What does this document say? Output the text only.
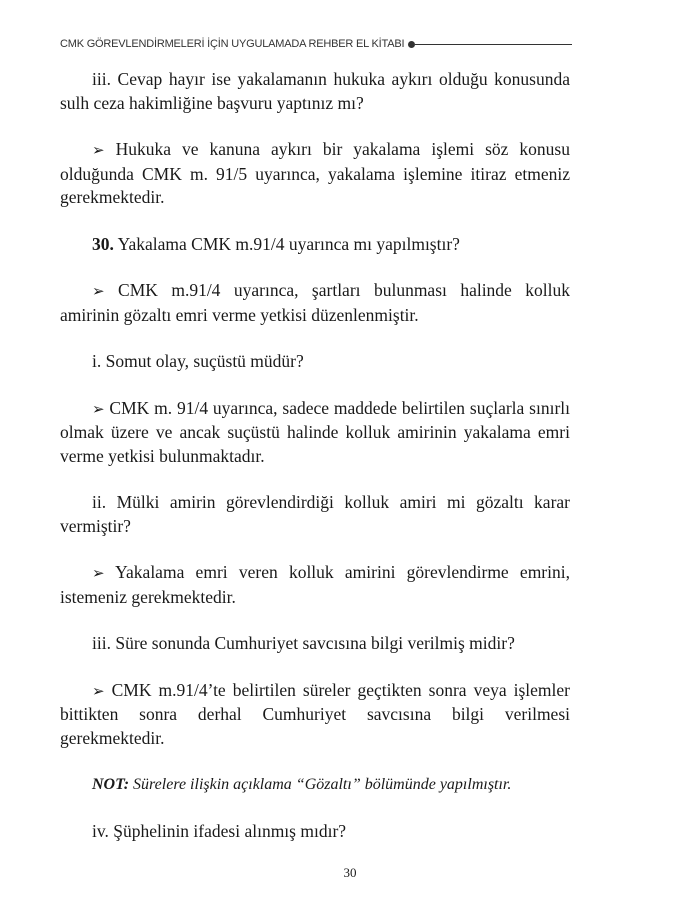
CMK GÖREVLENDİRMELERİ İÇİN UYGULAMADA REHBER EL KİTABI

iii. Cevap hayır ise yakalamanın hukuka aykırı olduğu konusunda sulh ceza hakimliğine başvuru yaptınız mı?

➢ Hukuka ve kanuna aykırı bir yakalama işlemi söz konusu olduğunda CMK m. 91/5 uyarınca, yakalama işlemine itiraz etmeniz gerekmektedir.

30. Yakalama CMK m.91/4 uyarınca mı yapılmıştır?

➢ CMK m.91/4 uyarınca, şartları bulunması halinde kolluk amirinin gözaltı emri verme yetkisi düzenlenmiştir.

i. Somut olay, suçüstü müdür?

➢ CMK m. 91/4 uyarınca, sadece maddede belirtilen suçlarla sınırlı olmak üzere ve ancak suçüstü halinde kolluk amirinin yakalama emri verme yetkisi bulunmaktadır.

ii. Mülki amirin görevlendirdiği kolluk amiri mi gözaltı karar vermiştir?

➢ Yakalama emri veren kolluk amirini görevlendirme emrini, istemeniz gerekmektedir.

iii. Süre sonunda Cumhuriyet savcısına bilgi verilmiş midir?

➢ CMK m.91/4’te belirtilen süreler geçtikten sonra veya işlemler bittikten sonra derhal Cumhuriyet savcısına bilgi verilmesi gerekmektedir.

NOT: Sürelere ilişkin açıklama “Gözaltı” bölümünde yapılmıştır.

iv. Şüphelinin ifadesi alınmış mıdır?

30
